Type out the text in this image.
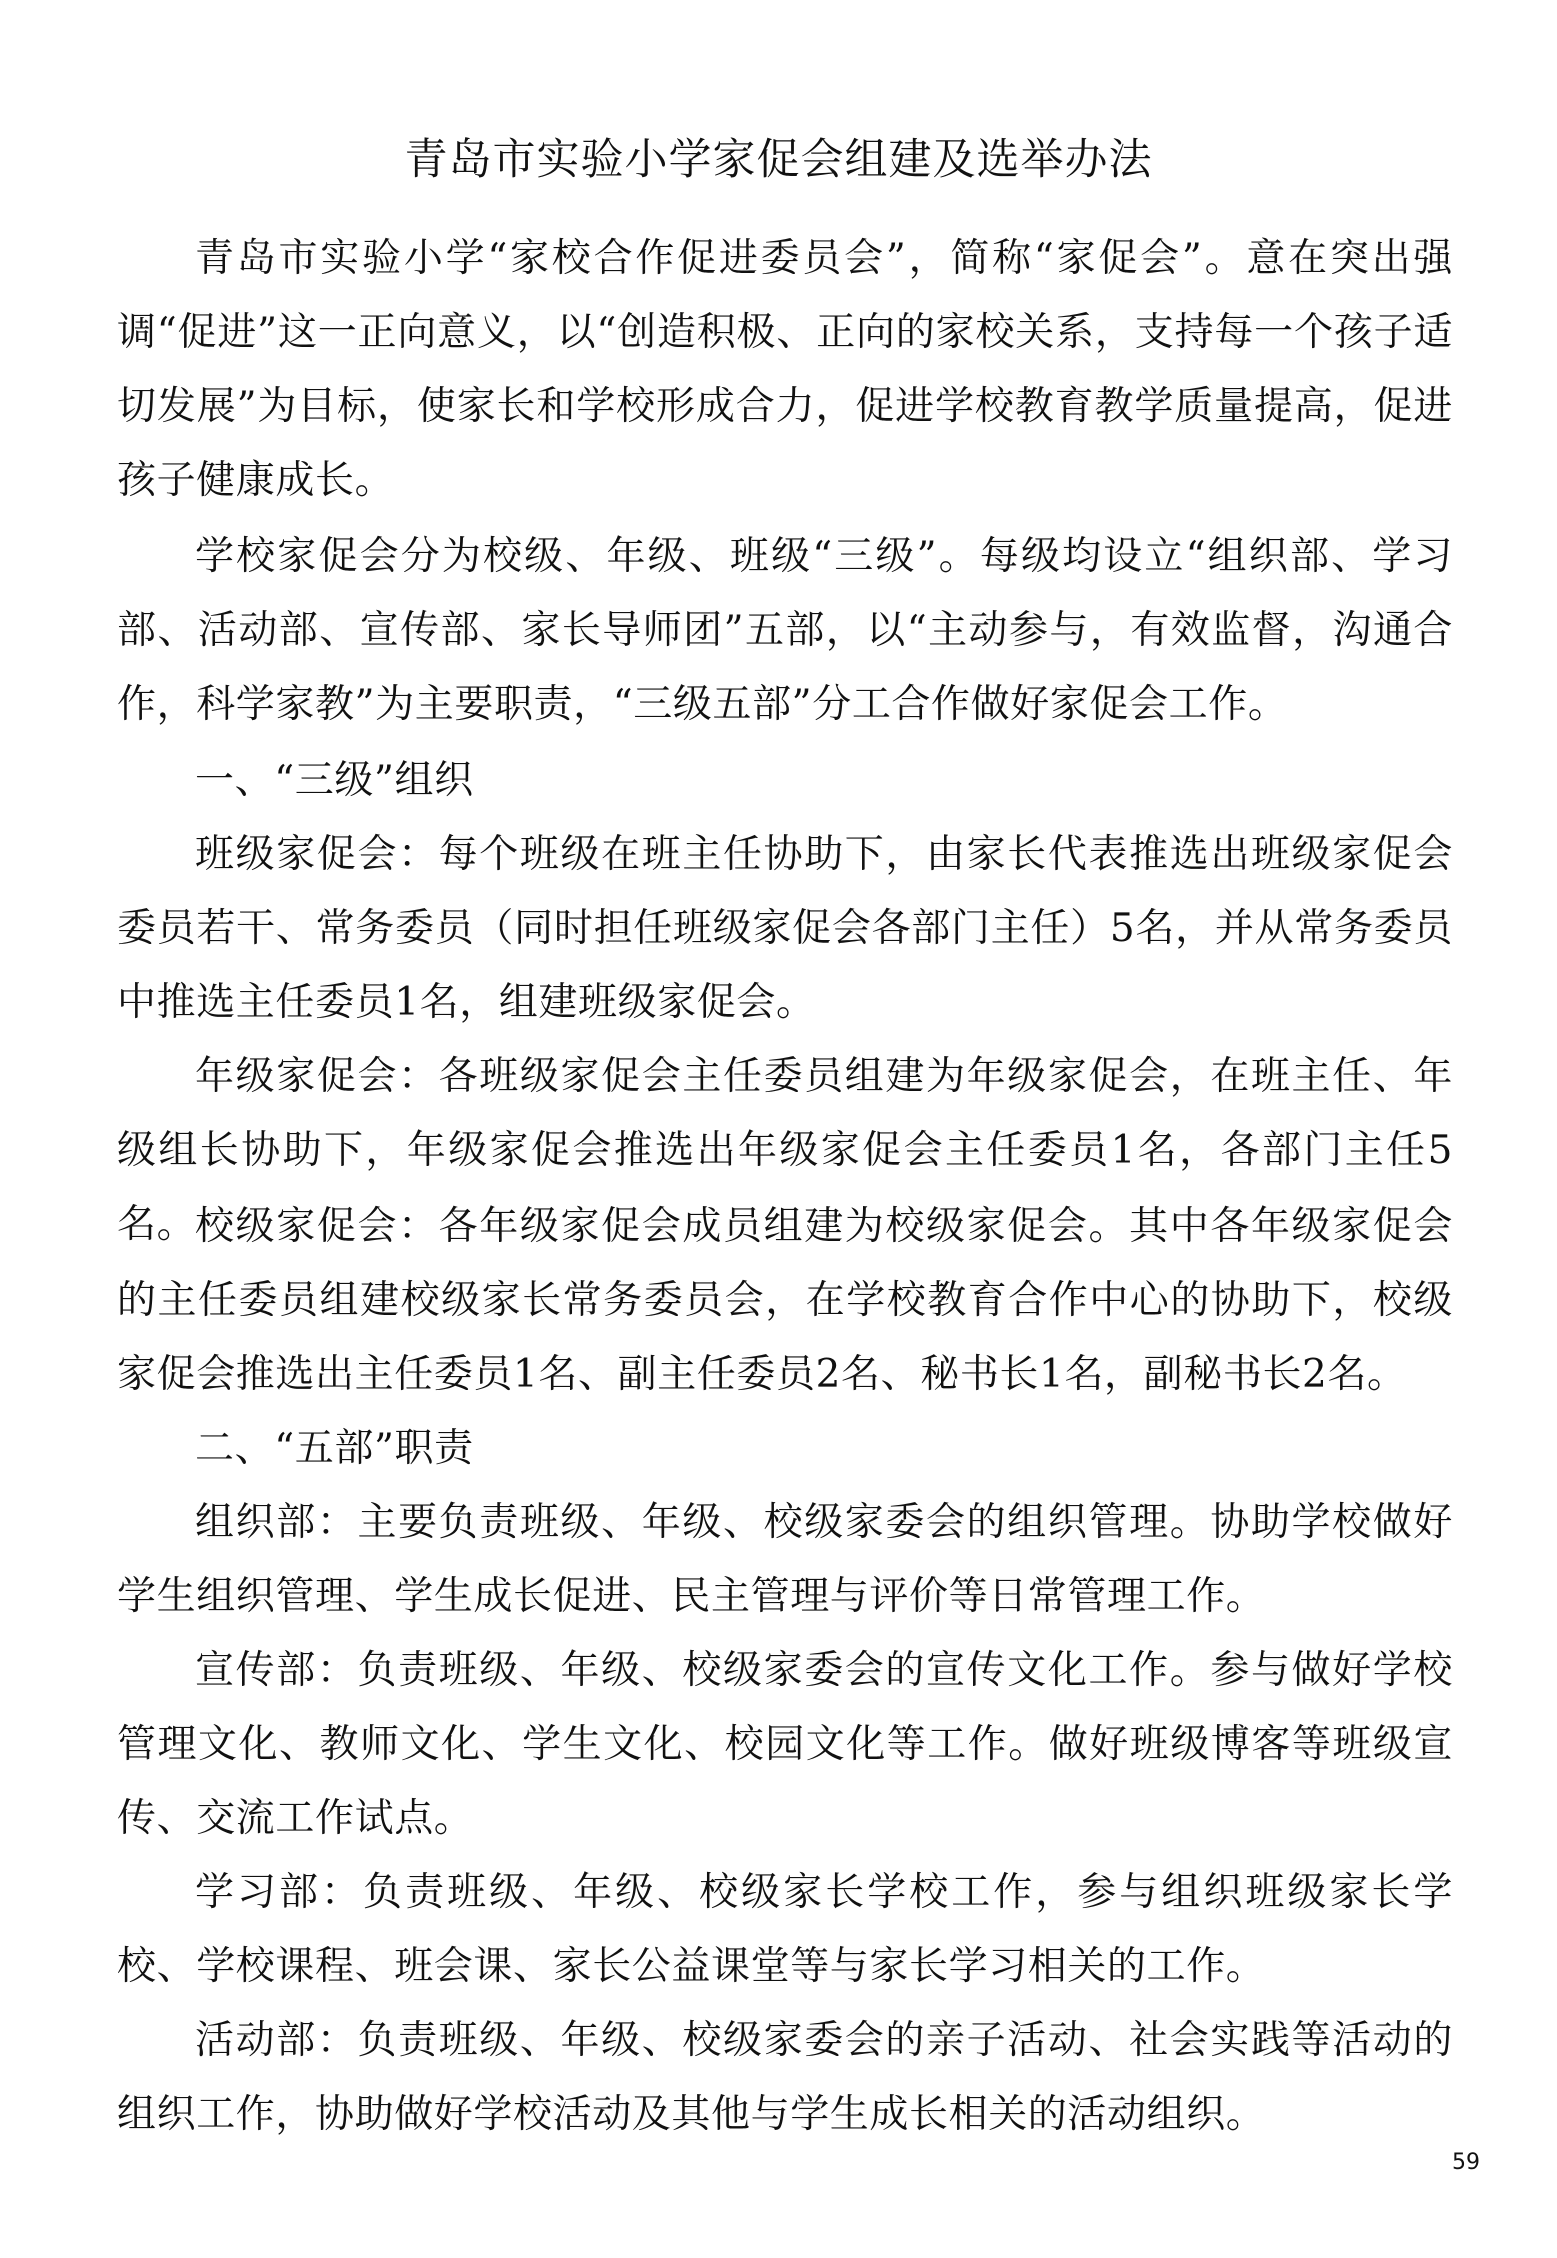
青岛市实验小学家促会组建及选举办法

青岛市实验小学“家校合作促进委员会”，简称“家促会”。意在突出强调“促进”这一正向意义，以“创造积极、正向的家校关系，支持每一个孩子适切发展”为目标，使家长和学校形成合力，促进学校教育教学质量提高，促进孩子健康成长。

学校家促会分为校级、年级、班级“三级”。每级均设立“组织部、学习部、活动部、宣传部、家长导师团”五部，以“主动参与，有效监督，沟通合作，科学家教”为主要职责，“三级五部”分工合作做好家促会工作。

一、“三级”组织

班级家促会：每个班级在班主任协助下，由家长代表推选出班级家促会委员若干、常务委员（同时担任班级家促会各部门主任）5名，并从常务委员中推选主任委员1名，组建班级家促会。

年级家促会：各班级家促会主任委员组建为年级家促会，在班主任、年级组长协助下，年级家促会推选出年级家促会主任委员1名，各部门主任5名。

校级家促会：各年级家促会成员组建为校级家促会。其中各年级家促会的主任委员组建校级家长常务委员会，在学校教育合作中心的协助下，校级家促会推选出主任委员1名、副主任委员2名、秘书长1名，副秘书长2名。

二、“五部”职责

组织部：主要负责班级、年级、校级家委会的组织管理。协助学校做好学生组织管理、学生成长促进、民主管理与评价等日常管理工作。

宣传部：负责班级、年级、校级家委会的宣传文化工作。参与做好学校管理文化、教师文化、学生文化、校园文化等工作。做好班级博客等班级宣传、交流工作试点。

学习部：负责班级、年级、校级家长学校工作，参与组织班级家长学校、学校课程、班会课、家长公益课堂等与家长学习相关的工作。

活动部：负责班级、年级、校级家委会的亲子活动、社会实践等活动的组织工作，协助做好学校活动及其他与学生成长相关的活动组织。

59
